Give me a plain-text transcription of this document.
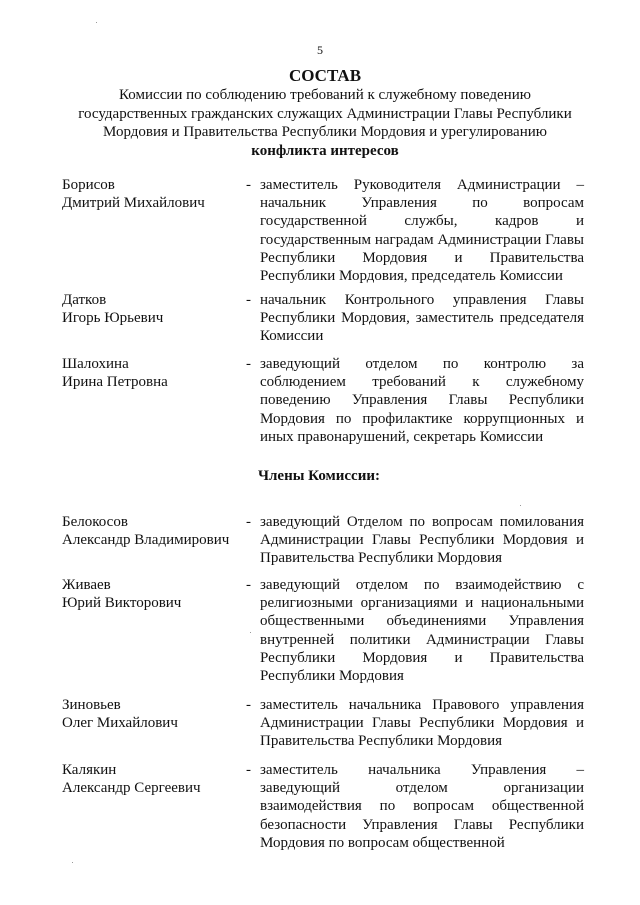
5
СОСТАВ
Комиссии по соблюдению требований к служебному поведению
государственных гражданских служащих Администрации Главы Республики
Мордовия и Правительства Республики Мордовия и урегулированию
конфликта интересов
Борисов
Дмитрий Михайлович
- заместитель Руководителя Администрации – начальник Управления по вопросам государственной службы, кадров и государственным наградам Администрации Главы Республики Мордовия и Правительства Республики Мордовия, председатель Комиссии
Датков
Игорь Юрьевич
- начальник Контрольного управления Главы Республики Мордовия, заместитель председателя Комиссии
Шалохина
Ирина Петровна
- заведующий отделом по контролю за соблюдением требований к служебному поведению Управления Главы Республики Мордовия по профилактике коррупционных и иных правонарушений, секретарь Комиссии
Члены Комиссии:
Белокосов
Александр Владимирович
- заведующий Отделом по вопросам помилования Администрации Главы Республики Мордовия и Правительства Республики Мордовия
Живаев
Юрий Викторович
- заведующий отделом по взаимодействию с религиозными организациями и национальными общественными объединениями Управления внутренней политики Администрации Главы Республики Мордовия и Правительства Республики Мордовия
Зиновьев
Олег Михайлович
- заместитель начальника Правового управления Администрации Главы Республики Мордовия и Правительства Республики Мордовия
Калякин
Александр Сергеевич
- заместитель начальника Управления – заведующий отделом организации взаимодействия по вопросам общественной безопасности Управления Главы Республики Мордовия по вопросам общественной
